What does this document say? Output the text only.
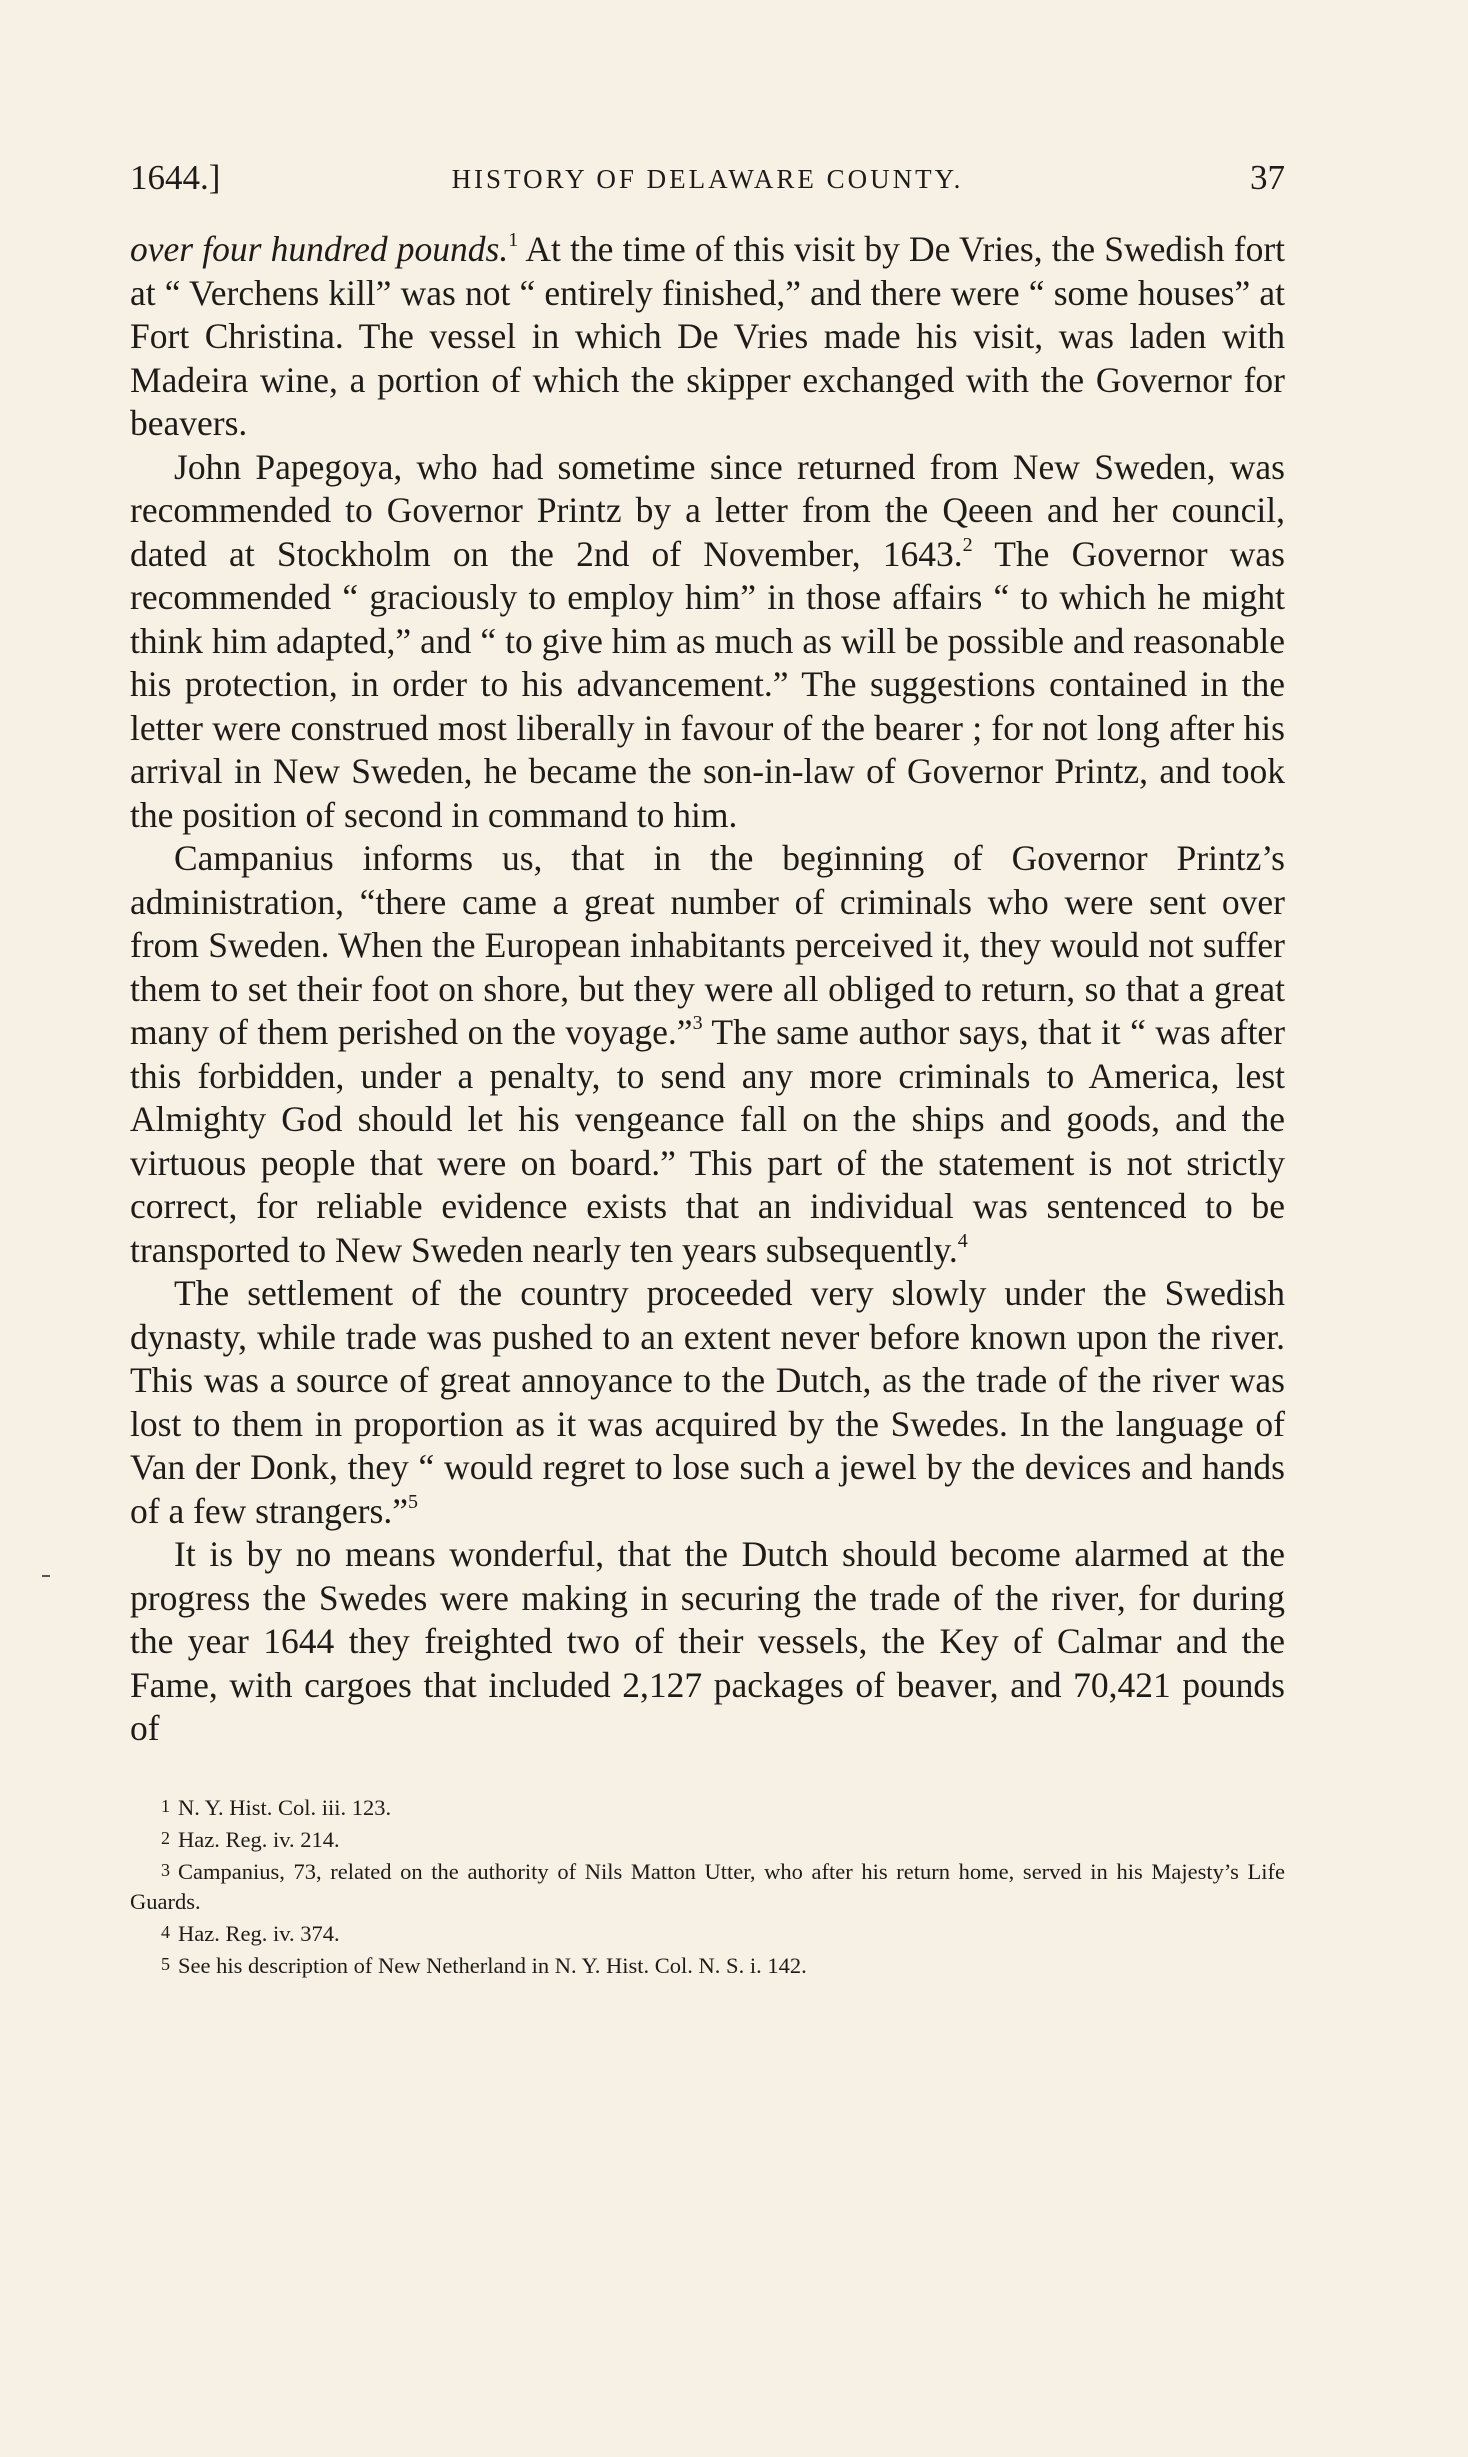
1644.]	HISTORY OF DELAWARE COUNTY.	37

over four hundred pounds.$^1$ At the time of this visit by De Vries, the Swedish fort at “ Verchens kill” was not “ entirely finished,” and there were “ some houses” at Fort Christina. The vessel in which De Vries made his visit, was laden with Madeira wine, a portion of which the skipper exchanged with the Governor for beavers.

John Papegoya, who had sometime since returned from New Sweden, was recommended to Governor Printz by a letter from the Qeeen and her council, dated at Stockholm on the 2nd of November, 1643.$^2$ The Governor was recommended “ graciously to employ him” in those affairs “ to which he might think him adapted,” and “ to give him as much as will be possible and reasonable his protection, in order to his advancement.” The suggestions contained in the letter were construed most liberally in favour of the bearer ; for not long after his arrival in New Sweden, he became the son-in-law of Governor Printz, and took the position of second in command to him.

Campanius informs us, that in the beginning of Governor Printz’s administration, “there came a great number of criminals who were sent over from Sweden. When the European inhabitants perceived it, they would not suffer them to set their foot on shore, but they were all obliged to return, so that a great many of them perished on the voyage.”$^3$ The same author says, that it “ was after this forbidden, under a penalty, to send any more criminals to America, lest Almighty God should let his vengeance fall on the ships and goods, and the virtuous people that were on board.” This part of the statement is not strictly correct, for reliable evidence exists that an individual was sentenced to be transported to New Sweden nearly ten years subsequently.$^4$

The settlement of the country proceeded very slowly under the Swedish dynasty, while trade was pushed to an extent never before known upon the river. This was a source of great annoyance to the Dutch, as the trade of the river was lost to them in proportion as it was acquired by the Swedes. In the language of Van der Donk, they “ would regret to lose such a jewel by the devices and hands of a few strangers.”$^5$

It is by no means wonderful, that the Dutch should become alarmed at the progress the Swedes were making in securing the trade of the river, for during the year 1644 they freighted two of their vessels, the Key of Calmar and the Fame, with cargoes that included 2,127 packages of beaver, and 70,421 pounds of

1 N. Y. Hist. Col. iii. 123.
2 Haz. Reg. iv. 214.
3 Campanius, 73, related on the authority of Nils Matton Utter, who after his return home, served in his Majesty’s Life Guards.
4 Haz. Reg. iv. 374.
5 See his description of New Netherland in N. Y. Hist. Col. N. S. i. 142.
